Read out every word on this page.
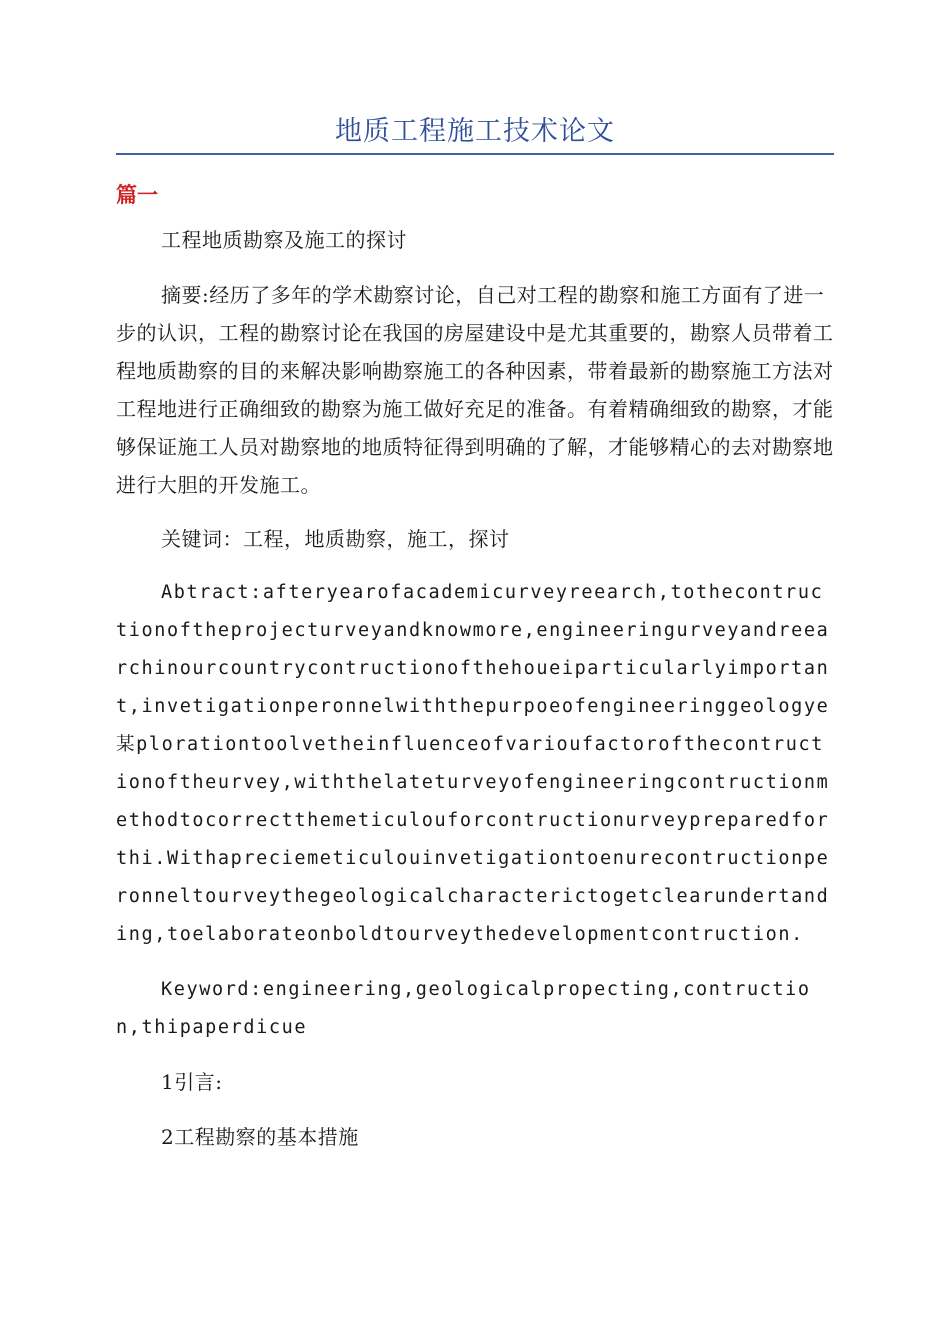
地质工程施工技术论文
篇一

工程地质勘察及施工的探讨

摘要:经历了多年的学术勘察讨论，自己对工程的勘察和施工方面有了进一步的认识，工程的勘察讨论在我国的房屋建设中是尤其重要的，勘察人员带着工程地质勘察的目的来解决影响勘察施工的各种因素，带着最新的勘察施工方法对工程地进行正确细致的勘察为施工做好充足的准备。有着精确细致的勘察，才能够保证施工人员对勘察地的地质特征得到明确的了解，才能够精心的去对勘察地进行大胆的开发施工。

关键词：工程，地质勘察，施工，探讨

Abtract:afteryearofacademicurveyreearch,tothecontructionoftheprojecturveyandknowmore,engineeringurveyandreearchinourcountrycontructionofthehoueiparticularlyimportant,invetigationperonnelwiththepurpoeofengineeringgeologye某plorationtoolvetheinfluenceofvarioufactorofthecontructionoftheurvey,withthelateturveyofengineeringcontructionmethodtocorrectthemeticulouforcontructionurveypreparedforthi.Withapreciemeticulouinvetigationtoenurecontructionperonneltourveythegeologicalcharacterictogetclearundertanding,toelaborateonboldtourveythedevelopmentcontruction.

Keyword:engineering,geologicalpropecting,contruction,thipaperdicue

1引言:

2工程勘察的基本措施
